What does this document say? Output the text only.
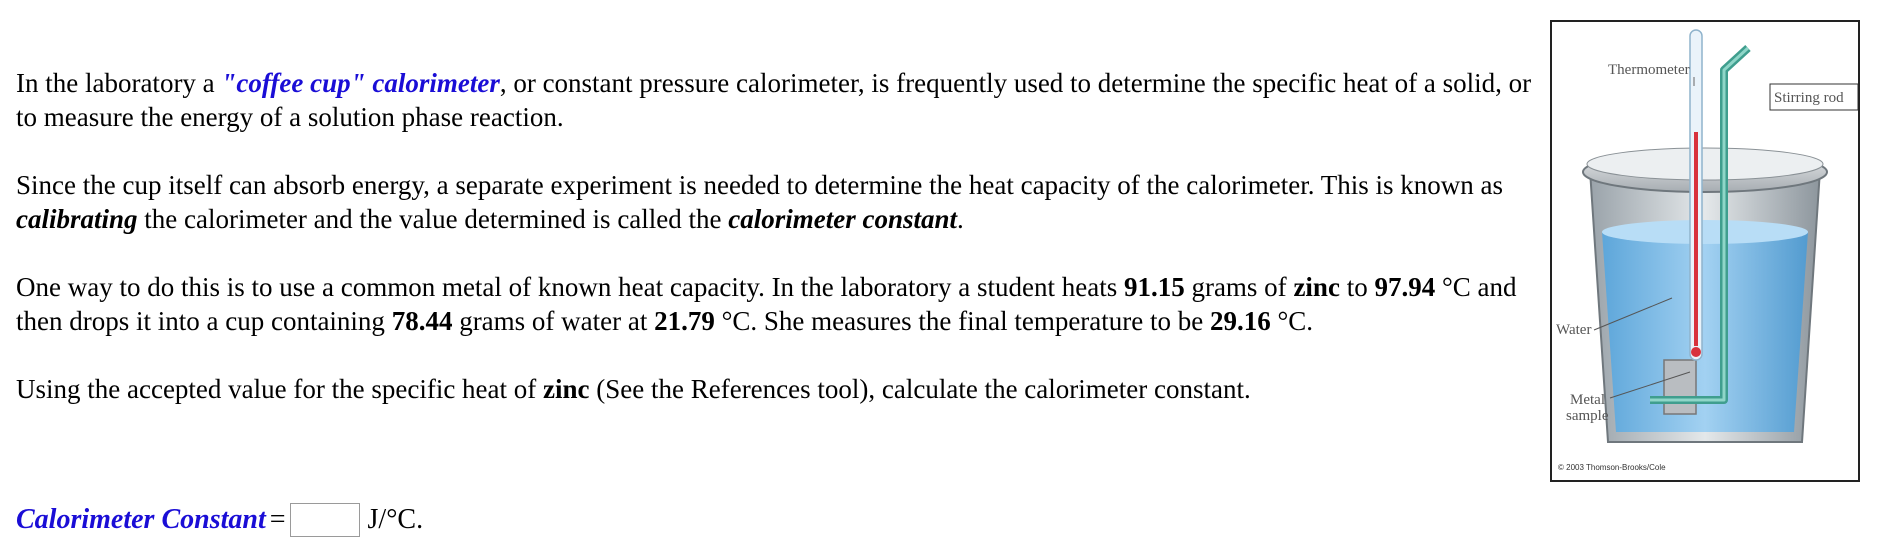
In the laboratory a "coffee cup" calorimeter, or constant pressure calorimeter, is frequently used to determine the specific heat of a solid, or to measure the energy of a solution phase reaction.

Since the cup itself can absorb energy, a separate experiment is needed to determine the heat capacity of the calorimeter. This is known as calibrating the calorimeter and the value determined is called the calorimeter constant.

One way to do this is to use a common metal of known heat capacity. In the laboratory a student heats 91.15 grams of zinc to 97.94 °C and then drops it into a cup containing 78.44 grams of water at 21.79 °C. She measures the final temperature to be 29.16 °C.

Using the accepted value for the specific heat of zinc (See the References tool), calculate the calorimeter constant.

Calorimeter Constant =	J/°C.
Thermometer
Stirring rod
Water
Metal
sample
© 2003 Thomson-Brooks/Cole
